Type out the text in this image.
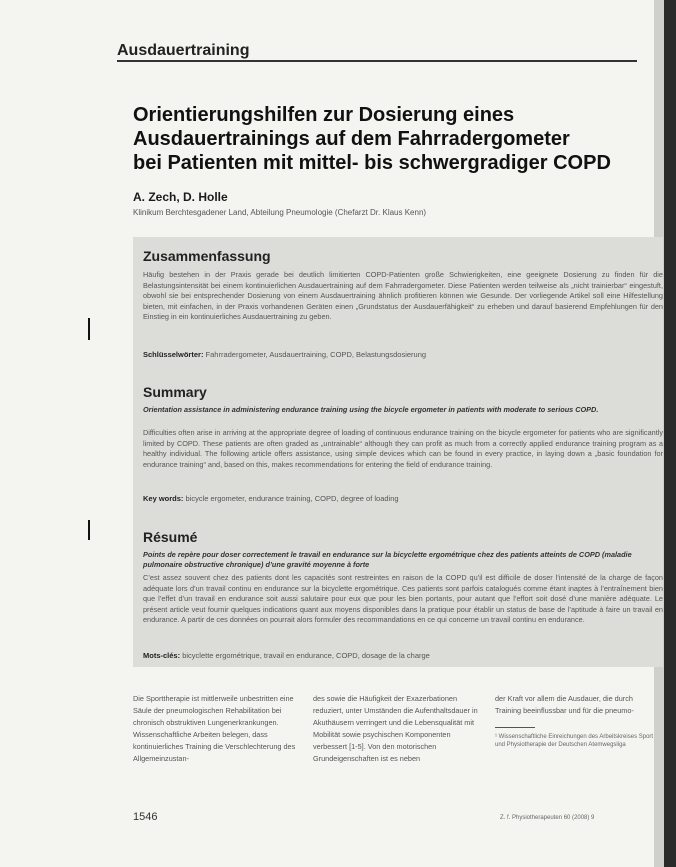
Ausdauertraining
Orientierungshilfen zur Dosierung eines
Ausdauertrainings auf dem Fahrradergometer
bei Patienten mit mittel- bis schwergradiger COPD
A. Zech, D. Holle
Klinikum Berchtesgadener Land, Abteilung Pneumologie (Chefarzt Dr. Klaus Kenn)
Zusammenfassung
Häufig bestehen in der Praxis gerade bei deutlich limitierten COPD-Patienten große Schwierigkeiten, eine geeignete Dosierung zu finden für die Belastungsintensität bei einem kontinuierlichen Ausdauertraining auf dem Fahrradergometer. Diese Patienten werden teilweise als „nicht trainierbar“ eingestuft, obwohl sie bei entsprechender Dosierung von einem Ausdauertraining ähnlich profitieren können wie Gesunde. Der vorliegende Artikel soll eine Hilfestellung bieten, mit einfachen, in der Praxis vorhandenen Geräten einen „Grundstatus der Ausdauerfähigkeit“ zu erheben und darauf basierend Empfehlungen für den Einstieg in ein kontinuierliches Ausdauertraining zu geben.
Schlüsselwörter: Fahrradergometer, Ausdauertraining, COPD, Belastungsdosierung
Summary
Orientation assistance in administering endurance training using the bicycle ergometer in patients with moderate to serious COPD.
Difficulties often arise in arriving at the appropriate degree of loading of continuous endurance training on the bicycle ergometer for patients who are significantly limited by COPD. These patients are often graded as „untrainable“ although they can profit as much from a correctly applied endurance training program as a healthy individual. The following article offers assistance, using simple devices which can be found in every practice, in laying down a „basic foundation for endurance training“ and, based on this, makes recommendations for entering the field of endurance training.
Key words: bicycle ergometer, endurance training, COPD, degree of loading
Résumé
Points de repère pour doser correctement le travail en endurance sur la bicyclette ergométrique chez des patients atteints de COPD (maladie pulmonaire obstructive chronique) d’une gravité moyenne à forte
C’est assez souvent chez des patients dont les capacités sont restreintes en raison de la COPD qu’il est difficile de doser l’intensité de la charge de façon adéquate lors d’un travail continu en endurance sur la bicyclette ergométrique. Ces patients sont parfois catalogués comme étant inaptes à l’entraînement bien que l’effet d’un travail en endurance soit aussi salutaire pour eux que pour les bien portants, pour autant que l’effort soit dosé d’une manière adéquate. Le présent article veut fournir quelques indications quant aux moyens disponibles dans la pratique pour établir un status de base de l’aptitude à faire un travail en endurance. A partir de ces données on pourrait alors formuler des recommandations en ce qui concerne un travail continu en endurance.
Mots-clés: bicyclette ergométrique, travail en endurance, COPD, dosage de la charge
Die Sporttherapie ist mittlerweile unbestritten eine Säule der pneumologischen Rehabilitation bei chronisch obstruktiven Lungenerkrankungen. Wissenschaftliche Arbeiten belegen, dass kontinuierliches Training die Verschlechterung des Allgemeinzustan-
des sowie die Häufigkeit der Exazerbationen reduziert, unter Umständen die Aufenthaltsdauer in Akuthäusern verringert und die Lebensqualität mit Mobilität sowie psychischen Komponenten verbessert [1-5]. Von den motorischen Grundeigenschaften ist es neben
der Kraft vor allem die Ausdauer, die durch Training beeinflussbar und für die pneumo-
¹ Wissenschaftliche Einreichungen des Arbeitskreises Sport und Physiotherapie der Deutschen Atemwegsliga
1546	Z. f. Physiotherapeuten 60 (2008) 9
